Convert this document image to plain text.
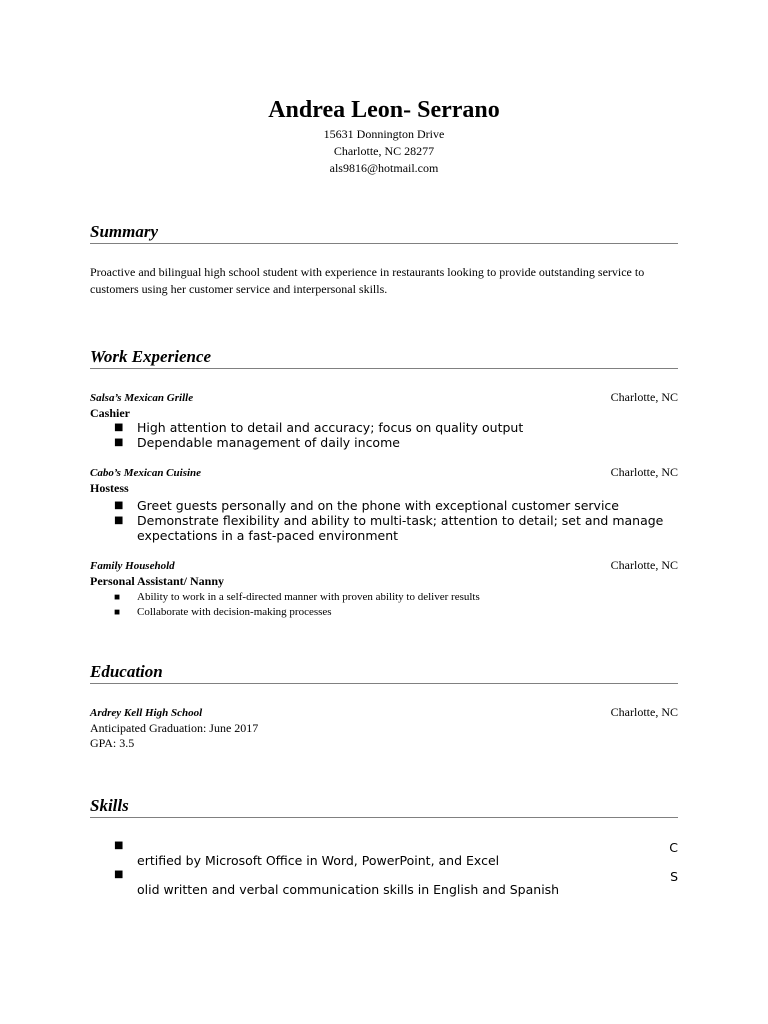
Andrea Leon- Serrano
15631 Donnington Drive
Charlotte, NC 28277
als9816@hotmail.com
Summary
Proactive and bilingual high school student with experience in restaurants looking to provide outstanding service to customers using her customer service and interpersonal skills.
Work Experience
Salsa’s Mexican Grille	Charlotte, NC
Cashier
■ High attention to detail and accuracy; focus on quality output
■ Dependable management of daily income
Cabo’s Mexican Cuisine	Charlotte, NC
Hostess
■ Greet guests personally and on the phone with exceptional customer service
■ Demonstrate flexibility and ability to multi-task; attention to detail; set and manage expectations in a fast-paced environment
Family Household	Charlotte, NC
Personal Assistant/ Nanny
■ Ability to work in a self-directed manner with proven ability to deliver results
■ Collaborate with decision-making processes
Education
Ardrey Kell High School	Charlotte, NC
Anticipated Graduation: June 2017
GPA: 3.5
Skills
■	C
ertified by Microsoft Office in Word, PowerPoint, and Excel
■	S
olid written and verbal communication skills in English and Spanish
